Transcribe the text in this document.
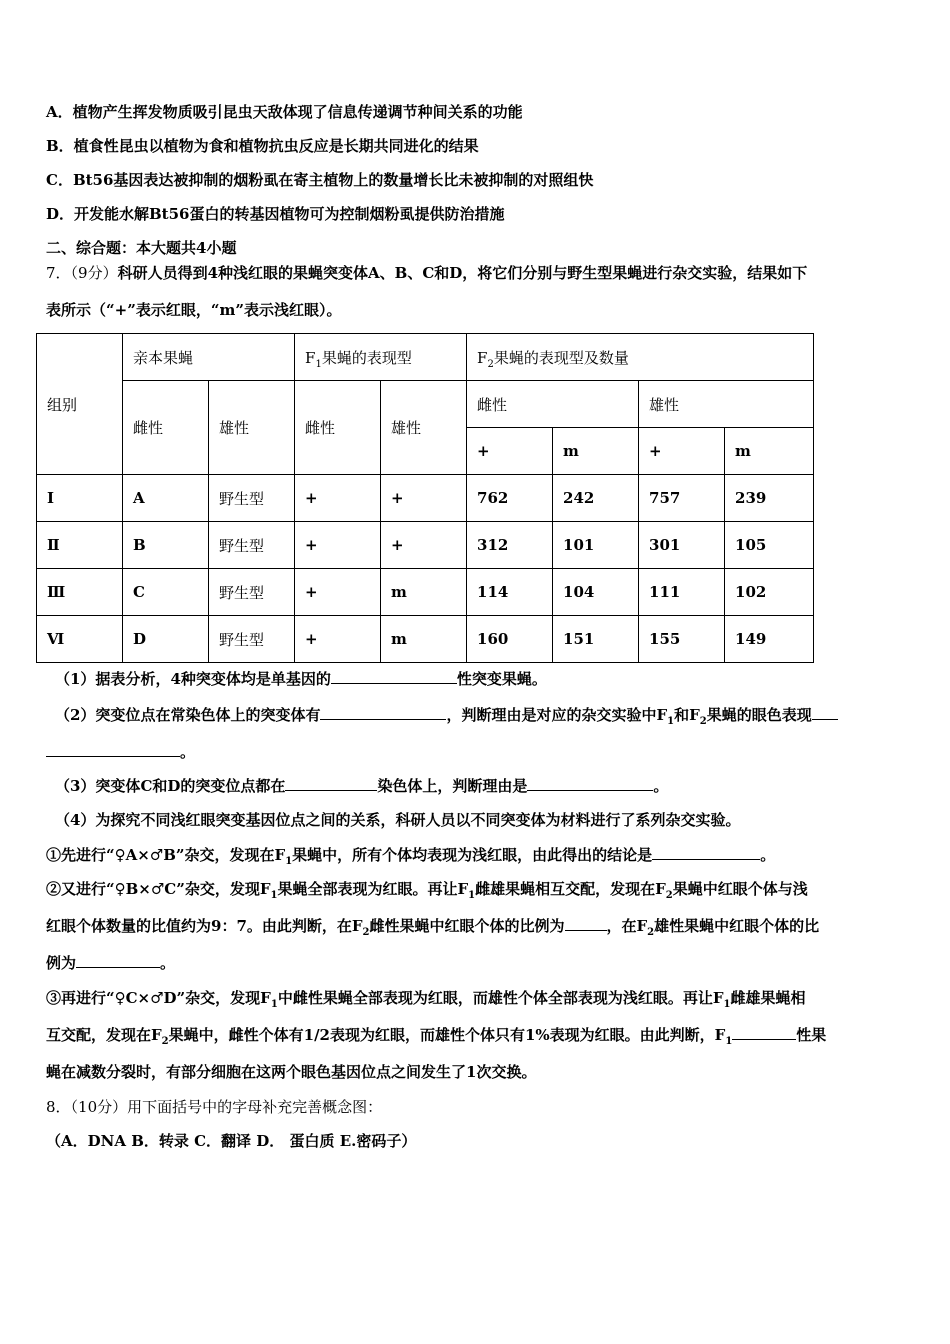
A．植物产生挥发物质吸引昆虫天敌体现了信息传递调节种间关系的功能
B．植食性昆虫以植物为食和植物抗虫反应是长期共同进化的结果
C．Bt56基因表达被抑制的烟粉虱在寄主植物上的数量增长比未被抑制的对照组快
D．开发能水解Bt56蛋白的转基因植物可为控制烟粉虱提供防治措施
二、综合题：本大题共4小题
7．（9分）科研人员得到4种浅红眼的果蝇突变体A、B、C和D，将它们分别与野生型果蝇进行杂交实验，结果如下
表所示（“+”表示红眼，“m”表示浅红眼）。
组别	亲本果蝇		$F_1$果蝇的表现型		$F_2$果蝇的表现型及数量			
	雌性	雄性	雌性	雄性	雌性		雄性	
					+	m	+	m
Ⅰ	A	野生型	+	+	762	242	757	239
Ⅱ	B	野生型	+	+	312	101	301	105
Ⅲ	C	野生型	+	m	114	104	111	102
Ⅵ	D	野生型	+	m	160	151	155	149
（1）据表分析，4种突变体均是单基因的	性突变果蝇。
（2）突变位点在常染色体上的突变体有	，判断理由是对应的杂交实验中$F_1$和$F_2$果蝇的眼色表现
。
（3）突变体C和D的突变位点都在	染色体上，判断理由是	。
（4）为探究不同浅红眼突变基因位点之间的关系，科研人员以不同突变体为材料进行了系列杂交实验。
①先进行“♀A×♂B”杂交，发现在$F_1$果蝇中，所有个体均表现为浅红眼，由此得出的结论是	。
②又进行“♀B×♂C”杂交，发现$F_1$果蝇全部表现为红眼。再让$F_1$雌雄果蝇相互交配，发现在$F_2$果蝇中红眼个体与浅
红眼个体数量的比值约为9：7。由此判断，在$F_2$雌性果蝇中红眼个体的比例为	，在$F_2$雄性果蝇中红眼个体的比
例为	。
③再进行“♀C×♂D”杂交，发现$F_1$中雌性果蝇全部表现为红眼，而雄性个体全部表现为浅红眼。再让$F_1$雌雄果蝇相
互交配，发现在$F_2$果蝇中，雌性个体有1/2表现为红眼，而雄性个体只有1%表现为红眼。由此判断，$F_1$	性果
蝇在减数分裂时，有部分细胞在这两个眼色基因位点之间发生了1次交换。
8．（10分）用下面括号中的字母补充完善概念图：
（A．DNA B．转录 C．翻译 D． 蛋白质 E.密码子）
